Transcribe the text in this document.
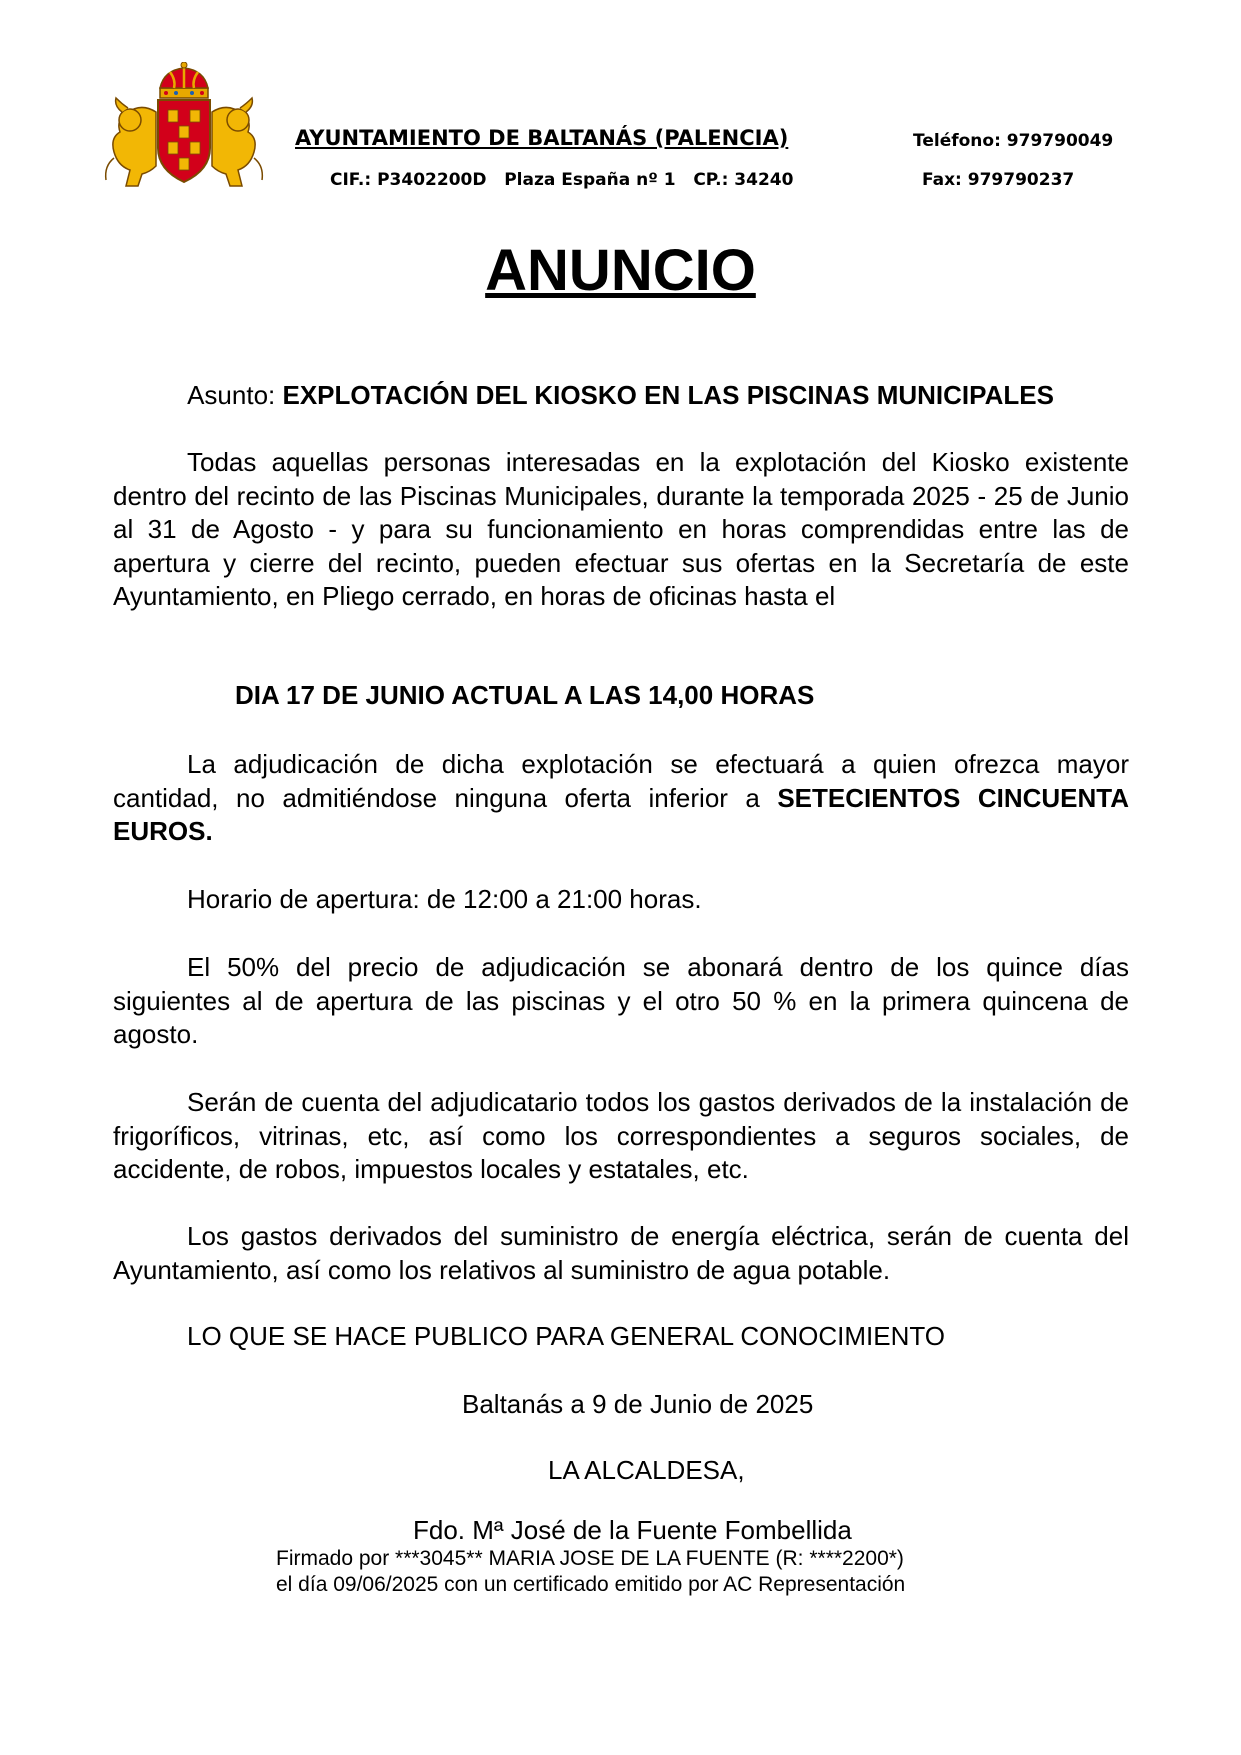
AYUNTAMIENTO DE BALTANÁS (PALENCIA)
CIF.: P3402200D   Plaza España nº 1   CP.: 34240
Teléfono: 979790049
Fax: 979790237
ANUNCIO
Asunto: EXPLOTACIÓN DEL KIOSKO EN LAS PISCINAS MUNICIPALES
Todas aquellas personas interesadas en la explotación del Kiosko existente dentro del recinto de las Piscinas Municipales, durante la temporada 2025 - 25 de Junio al 31 de Agosto - y para su funcionamiento en horas comprendidas entre las de apertura y cierre del recinto, pueden efectuar sus ofertas en la Secretaría de este Ayuntamiento, en Pliego cerrado, en horas de oficinas hasta el
DIA 17 DE JUNIO ACTUAL A LAS 14,00 HORAS
La adjudicación de dicha explotación se efectuará a quien ofrezca mayor cantidad, no admitiéndose ninguna oferta inferior a SETECIENTOS CINCUENTA EUROS.
Horario de apertura: de 12:00 a 21:00 horas.
El 50% del precio de adjudicación se abonará dentro de los quince días siguientes al de apertura de las piscinas y el otro 50 % en la primera quincena de agosto.
Serán de cuenta del adjudicatario todos los gastos derivados de la instalación de frigoríficos, vitrinas, etc, así como los correspondientes a seguros sociales, de accidente, de robos, impuestos locales y estatales, etc.
Los gastos derivados del suministro de energía eléctrica, serán de cuenta del Ayuntamiento, así como los relativos al suministro de agua potable.
LO QUE SE HACE PUBLICO PARA GENERAL CONOCIMIENTO
Baltanás a 9 de Junio de 2025
LA ALCALDESA,
Fdo. Mª José de la Fuente Fombellida
Firmado por ***3045** MARIA JOSE DE LA FUENTE (R: ****2200*)
el día 09/06/2025 con un certificado emitido por AC Representación
